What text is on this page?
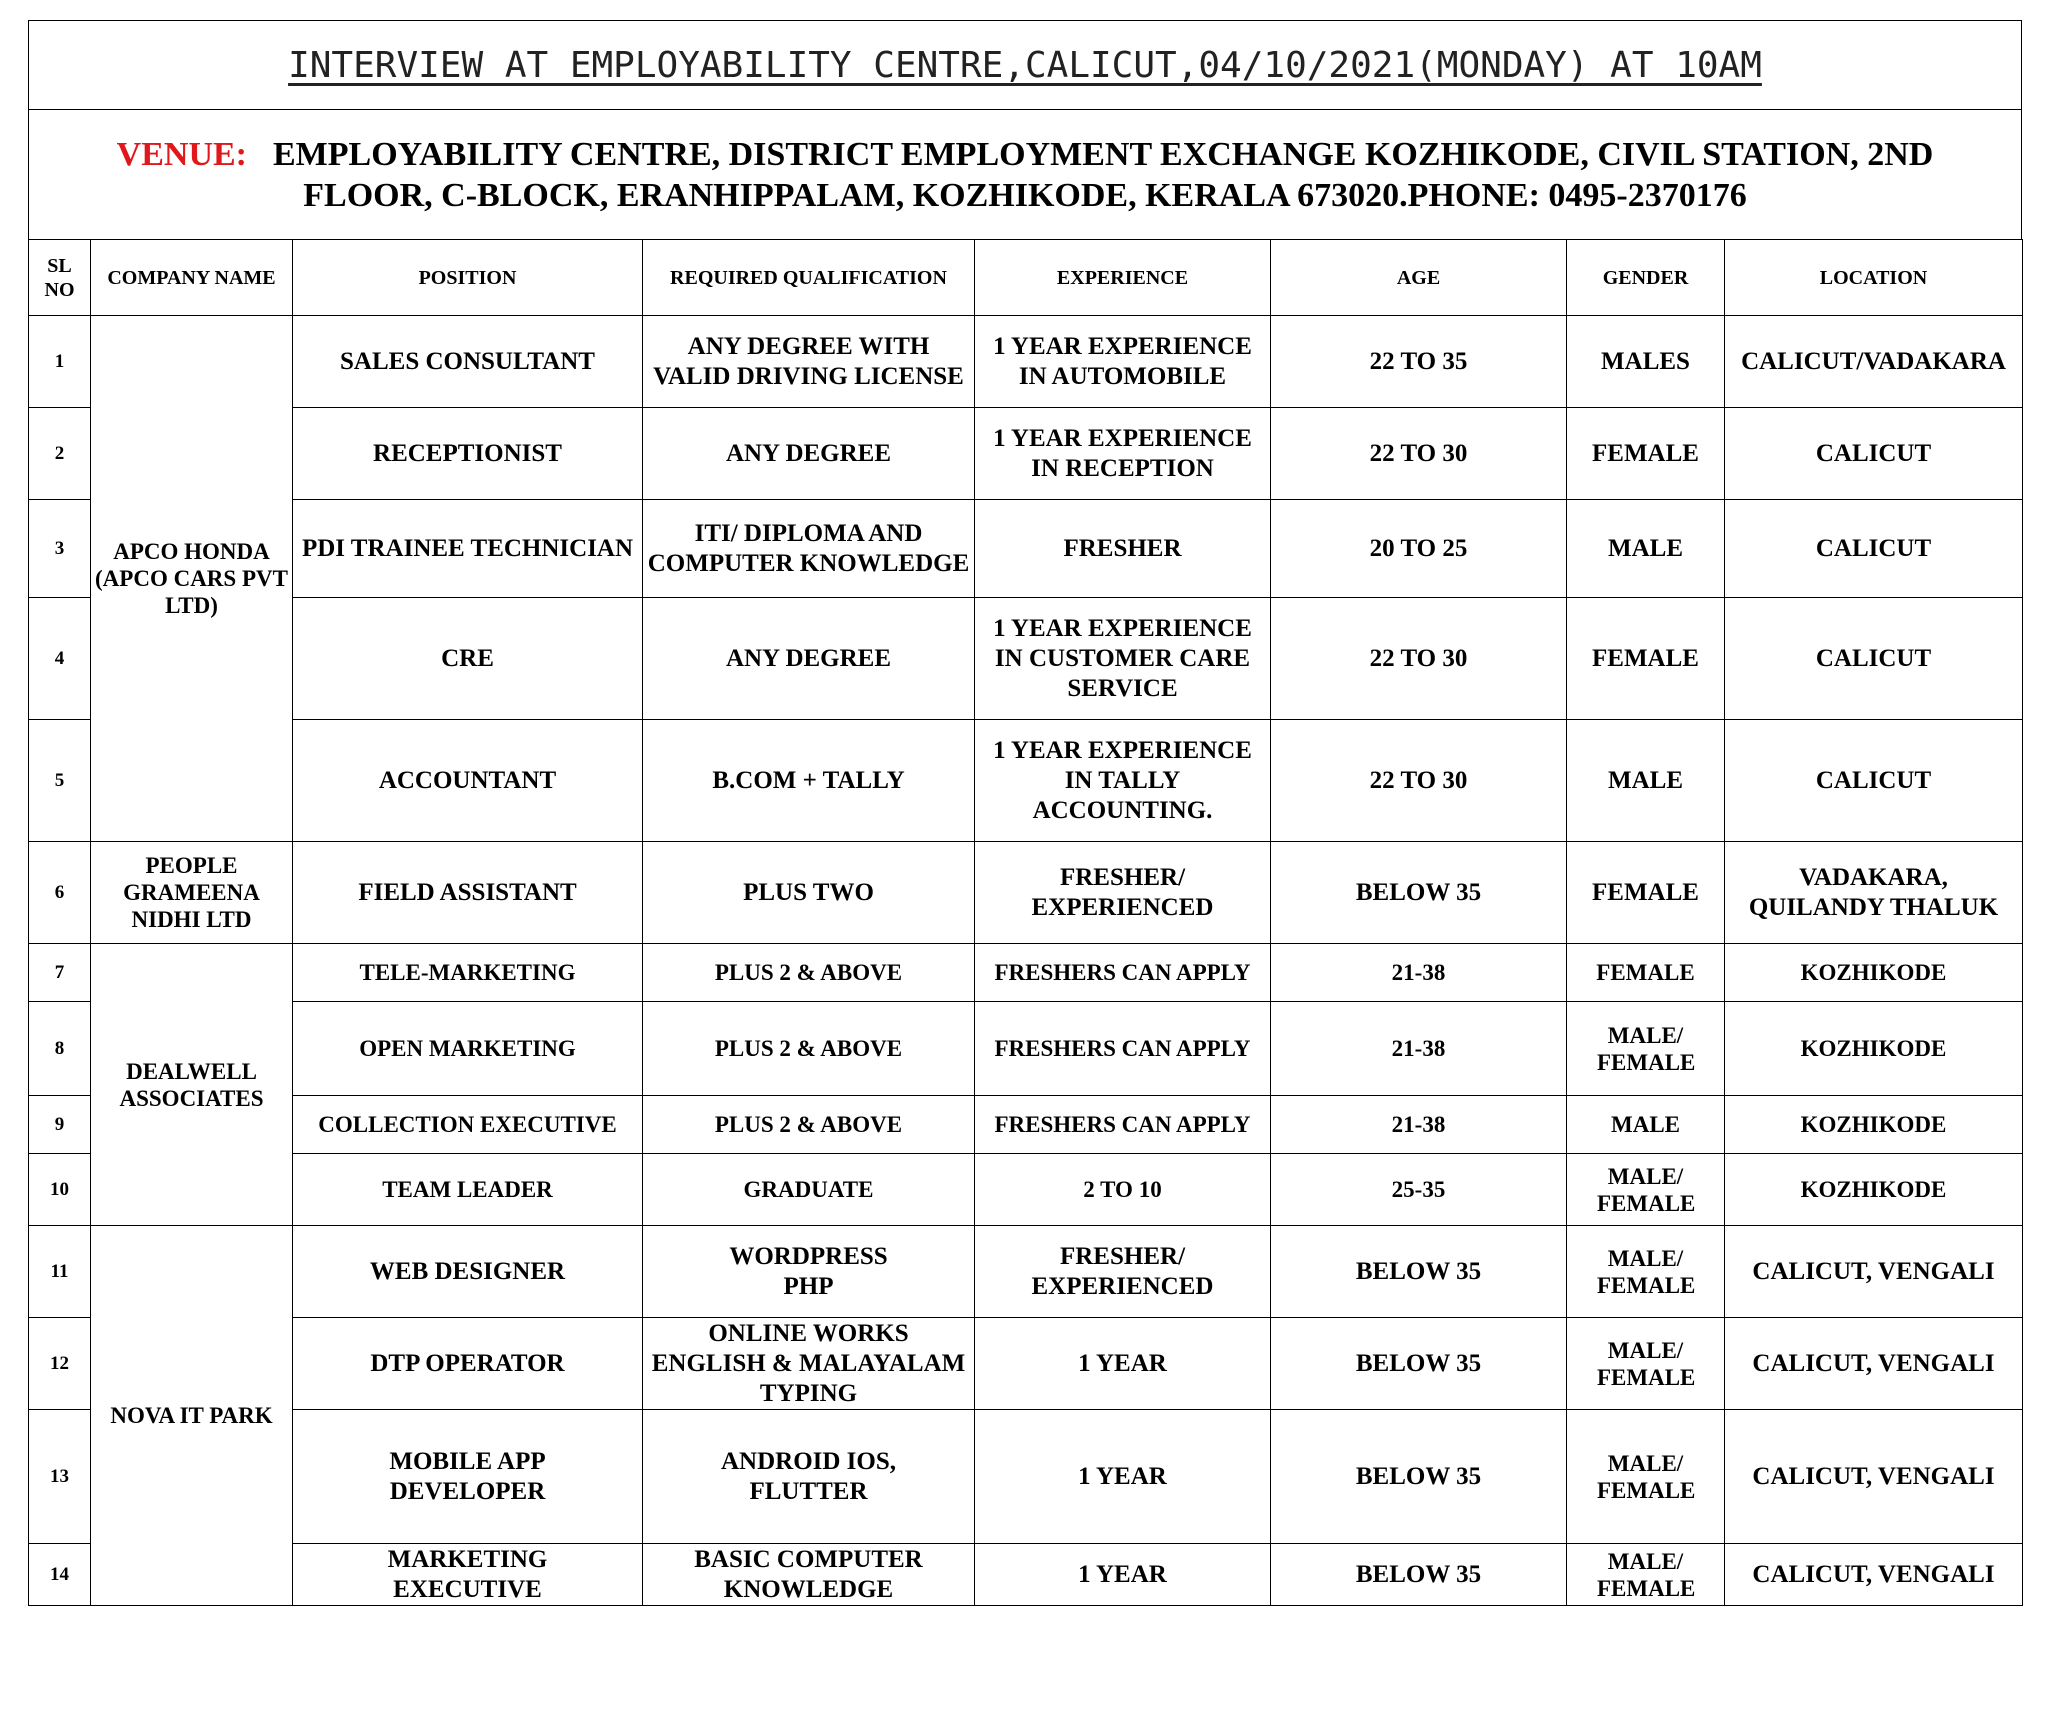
INTERVIEW AT EMPLOYABILITY CENTRE,CALICUT,04/10/2021(MONDAY) AT 10AM
VENUE: EMPLOYABILITY CENTRE, DISTRICT EMPLOYMENT EXCHANGE KOZHIKODE, CIVIL STATION, 2ND
FLOOR, C-BLOCK, ERANHIPPALAM, KOZHIKODE, KERALA 673020.PHONE: 0495-2370176
SL NO	COMPANY NAME	POSITION	REQUIRED QUALIFICATION	EXPERIENCE	AGE	GENDER	LOCATION
1	APCO HONDA (APCO CARS PVT LTD)	SALES CONSULTANT	ANY DEGREE WITH VALID DRIVING LICENSE	1 YEAR EXPERIENCE IN AUTOMOBILE	22 TO 35	MALES	CALICUT/VADAKARA
2		RECEPTIONIST	ANY DEGREE	1 YEAR EXPERIENCE IN RECEPTION	22 TO 30	FEMALE	CALICUT
3		PDI TRAINEE TECHNICIAN	ITI/ DIPLOMA AND COMPUTER KNOWLEDGE	FRESHER	20 TO 25	MALE	CALICUT
4		CRE	ANY DEGREE	1 YEAR EXPERIENCE IN CUSTOMER CARE SERVICE	22 TO 30	FEMALE	CALICUT
5		ACCOUNTANT	B.COM + TALLY	1 YEAR EXPERIENCE IN TALLY ACCOUNTING.	22 TO 30	MALE	CALICUT
6	PEOPLE GRAMEENA NIDHI LTD	FIELD ASSISTANT	PLUS TWO	FRESHER/ EXPERIENCED	BELOW 35	FEMALE	VADAKARA, QUILANDY THALUK
7	DEALWELL ASSOCIATES	TELE-MARKETING	PLUS 2 & ABOVE	FRESHERS CAN APPLY	21-38	FEMALE	KOZHIKODE
8		OPEN MARKETING	PLUS 2 & ABOVE	FRESHERS CAN APPLY	21-38	MALE/ FEMALE	KOZHIKODE
9		COLLECTION EXECUTIVE	PLUS 2 & ABOVE	FRESHERS CAN APPLY	21-38	MALE	KOZHIKODE
10		TEAM LEADER	GRADUATE	2 TO 10	25-35	MALE/ FEMALE	KOZHIKODE
11	NOVA IT PARK	WEB DESIGNER	WORDPRESS PHP	FRESHER/ EXPERIENCED	BELOW 35	MALE/ FEMALE	CALICUT, VENGALI
12		DTP OPERATOR	ONLINE WORKS ENGLISH & MALAYALAM TYPING	1 YEAR	BELOW 35	MALE/ FEMALE	CALICUT, VENGALI
13		MOBILE APP DEVELOPER	ANDROID IOS, FLUTTER	1 YEAR	BELOW 35	MALE/ FEMALE	CALICUT, VENGALI
14		MARKETING EXECUTIVE	BASIC COMPUTER KNOWLEDGE	1 YEAR	BELOW 35	MALE/ FEMALE	CALICUT, VENGALI
